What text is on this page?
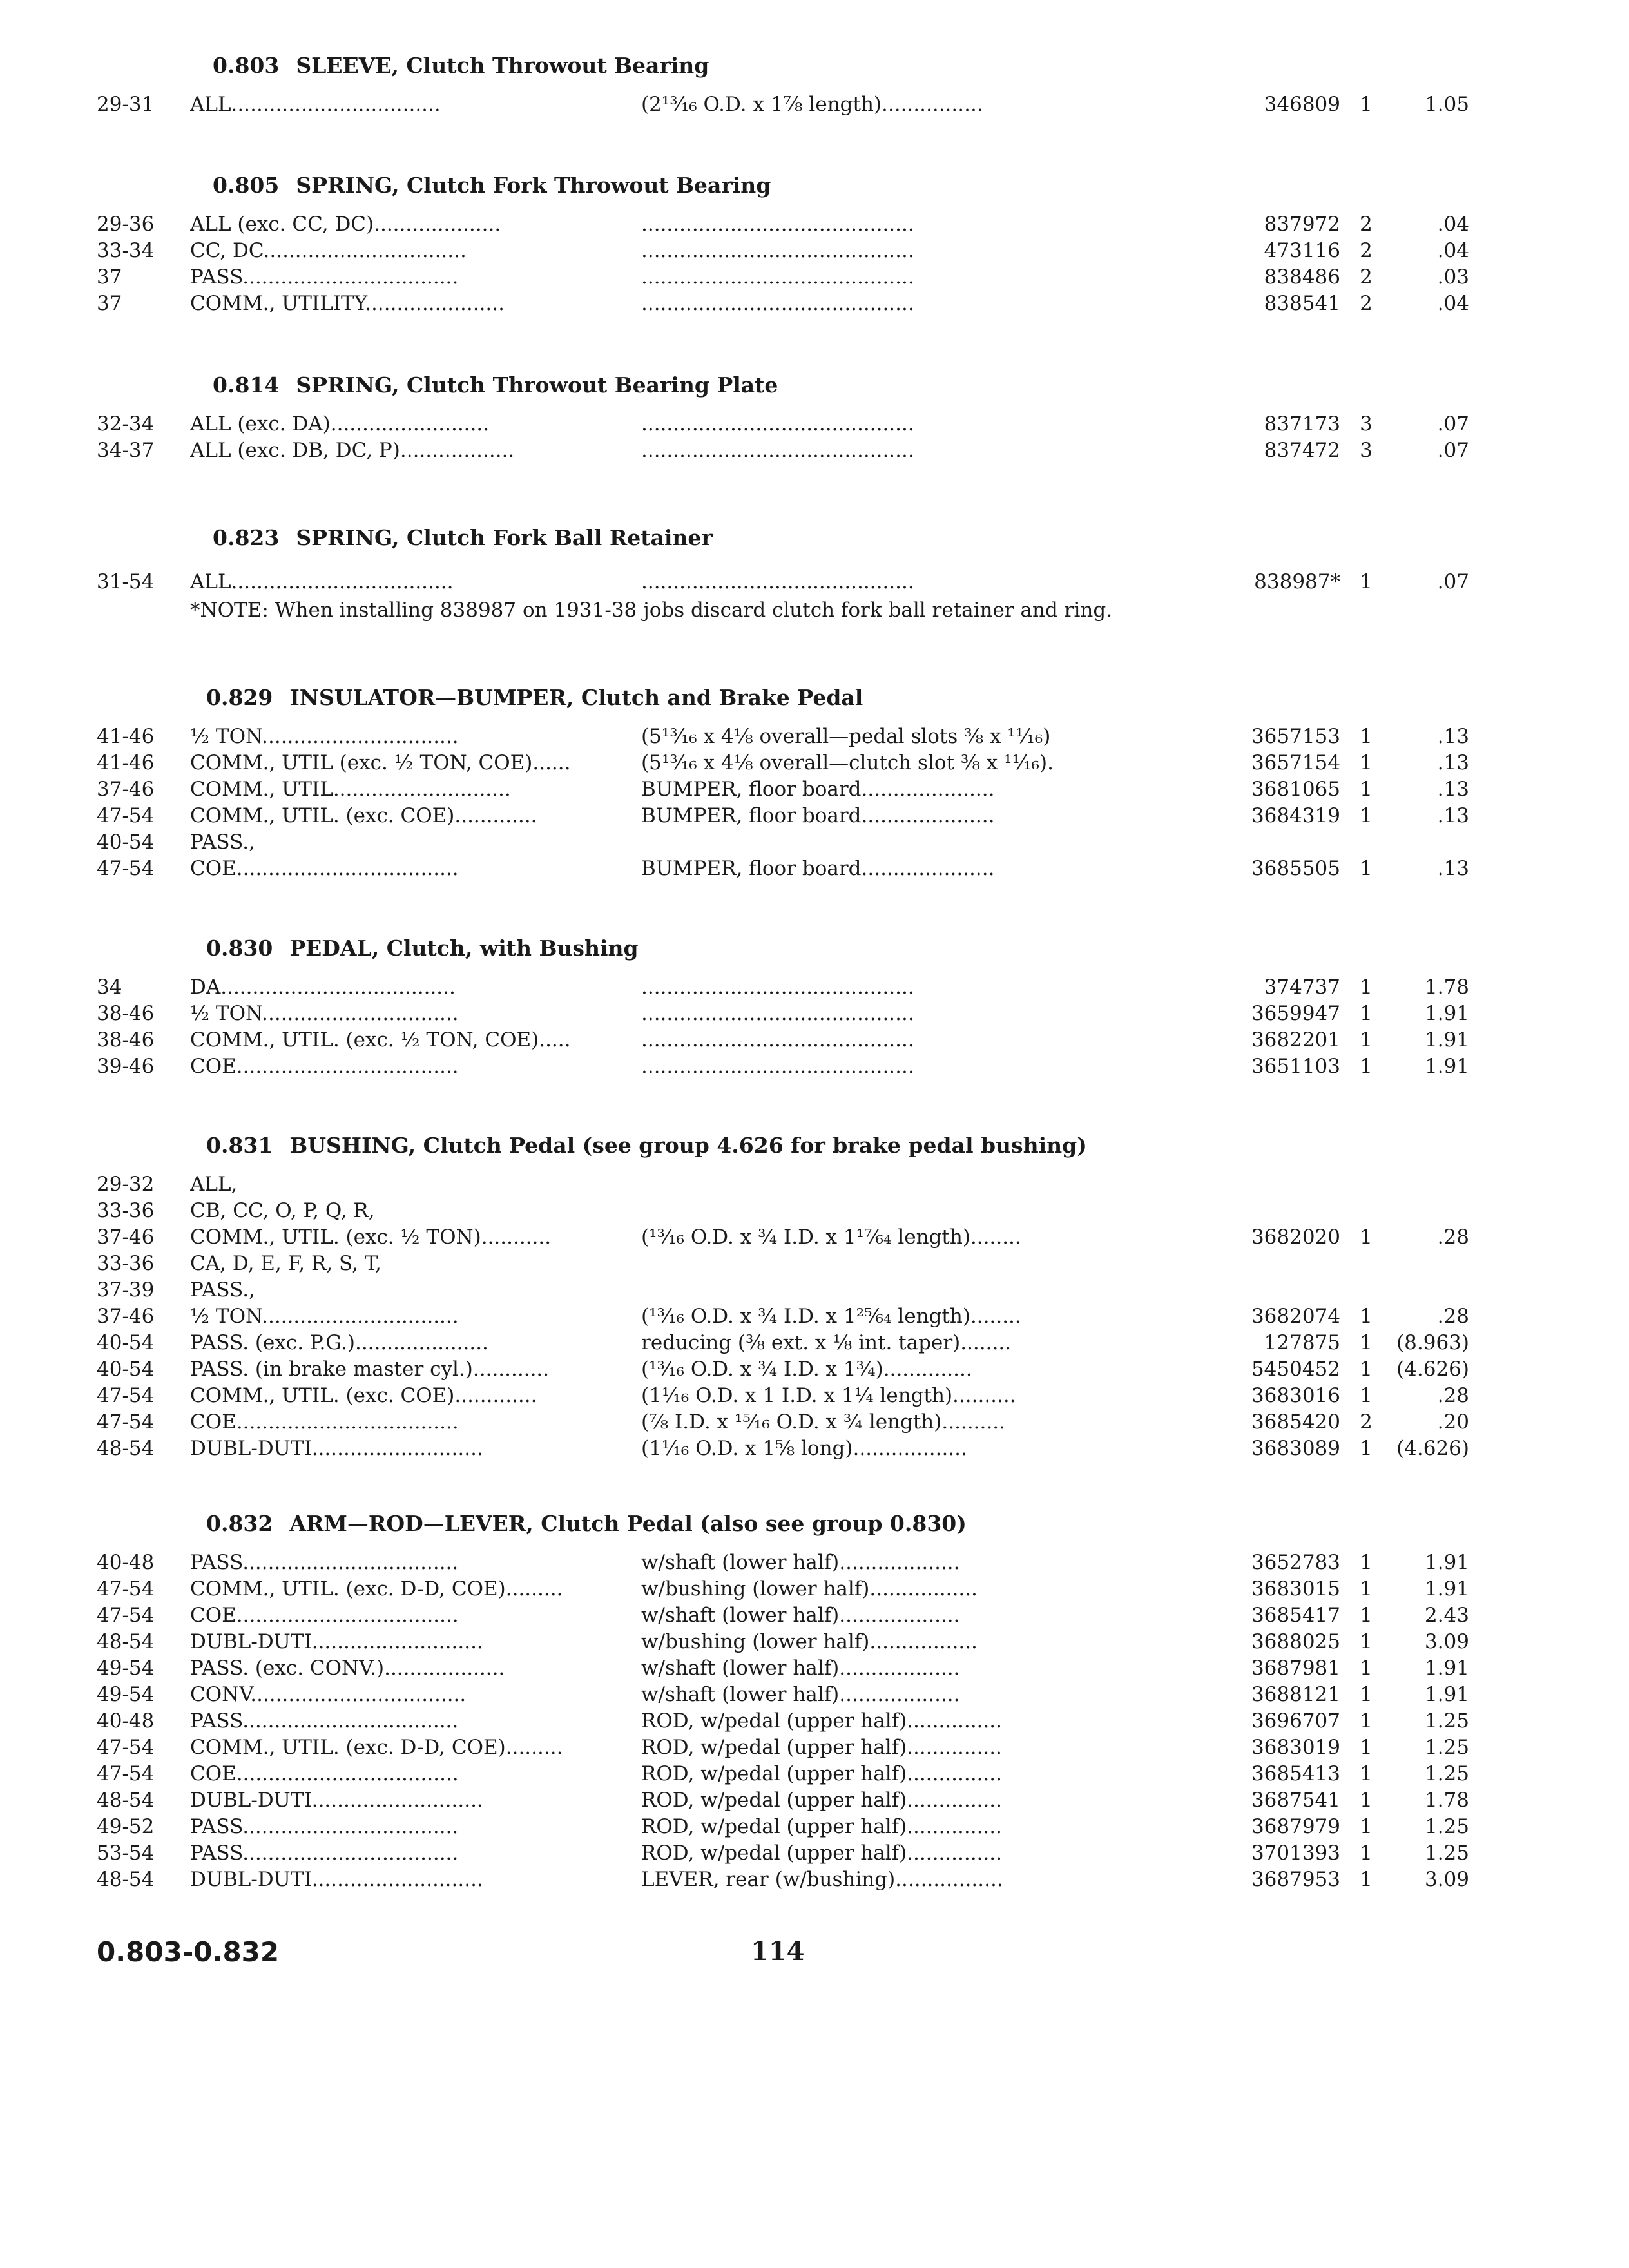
0.803 SLEEVE, Clutch Throwout Bearing
29-31	ALL.................................	(2¹³⁄₁₆ O.D. x 1⅞ length)................	346809 1	1.05
0.805 SPRING, Clutch Fork Throwout Bearing
29-36	ALL (exc. CC, DC)....................	...........................................	837972 2	.04
33-34	CC, DC................................	...........................................	473116 2	.04
37	PASS..................................	...........................................	838486 2	.03
37	COMM., UTILITY......................	...........................................	838541 2	.04
0.814 SPRING, Clutch Throwout Bearing Plate
32-34	ALL (exc. DA).........................	...........................................	837173 3	.07
34-37	ALL (exc. DB, DC, P)..................	...........................................	837472 3	.07
0.823 SPRING, Clutch Fork Ball Retainer
31-54	ALL...................................	...........................................	838987* 1	.07
*NOTE: When installing 838987 on 1931-38 jobs discard clutch fork ball retainer and ring.
0.829 INSULATOR—BUMPER, Clutch and Brake Pedal
41-46	½ TON...............................	(5¹³⁄₁₆ x 4⅛ overall—pedal slots ⅜ x ¹¹⁄₁₆)	3657153 1	.13
41-46	COMM., UTIL (exc. ½ TON, COE)......	(5¹³⁄₁₆ x 4⅛ overall—clutch slot ⅜ x ¹¹⁄₁₆).	3657154 1	.13
37-46	COMM., UTIL............................	BUMPER, floor board.....................	3681065 1	.13
47-54	COMM., UTIL. (exc. COE).............	BUMPER, floor board.....................	3684319 1	.13
40-54	PASS.,
47-54	COE...................................	BUMPER, floor board.....................	3685505 1	.13
0.830 PEDAL, Clutch, with Bushing
34	DA.....................................	...........................................	374737 1	1.78
38-46	½ TON...............................	...........................................	3659947 1	1.91
38-46	COMM., UTIL. (exc. ½ TON, COE).....	...........................................	3682201 1	1.91
39-46	COE...................................	...........................................	3651103 1	1.91
0.831 BUSHING, Clutch Pedal (see group 4.626 for brake pedal bushing)
29-32	ALL,
33-36	CB, CC, O, P, Q, R,
37-46	COMM., UTIL. (exc. ½ TON)...........	(¹³⁄₁₆ O.D. x ¾ I.D. x 1¹⁷⁄₆₄ length)........	3682020 1	.28
33-36	CA, D, E, F, R, S, T,
37-39	PASS.,
37-46	½ TON...............................	(¹³⁄₁₆ O.D. x ¾ I.D. x 1²⁵⁄₆₄ length)........	3682074 1	.28
40-54	PASS. (exc. P.G.).....................	reducing (⅜ ext. x ⅛ int. taper)........	127875 1	(8.963)
40-54	PASS. (in brake master cyl.)............	(¹³⁄₁₆ O.D. x ¾ I.D. x 1¾)..............	5450452 1	(4.626)
47-54	COMM., UTIL. (exc. COE).............	(1¹⁄₁₆ O.D. x 1 I.D. x 1¼ length)..........	3683016 1	.28
47-54	COE...................................	(⅞ I.D. x ¹⁵⁄₁₆ O.D. x ¾ length)..........	3685420 2	.20
48-54	DUBL-DUTI...........................	(1¹⁄₁₆ O.D. x 1⅝ long)..................	3683089 1	(4.626)
0.832 ARM—ROD—LEVER, Clutch Pedal (also see group 0.830)
40-48	PASS..................................	w/shaft (lower half)...................	3652783 1	1.91
47-54	COMM., UTIL. (exc. D-D, COE).........	w/bushing (lower half).................	3683015 1	1.91
47-54	COE...................................	w/shaft (lower half)...................	3685417 1	2.43
48-54	DUBL-DUTI...........................	w/bushing (lower half).................	3688025 1	3.09
49-54	PASS. (exc. CONV.)...................	w/shaft (lower half)...................	3687981 1	1.91
49-54	CONV..................................	w/shaft (lower half)...................	3688121 1	1.91
40-48	PASS..................................	ROD, w/pedal (upper half)...............	3696707 1	1.25
47-54	COMM., UTIL. (exc. D-D, COE).........	ROD, w/pedal (upper half)...............	3683019 1	1.25
47-54	COE...................................	ROD, w/pedal (upper half)...............	3685413 1	1.25
48-54	DUBL-DUTI...........................	ROD, w/pedal (upper half)...............	3687541 1	1.78
49-52	PASS..................................	ROD, w/pedal (upper half)...............	3687979 1	1.25
53-54	PASS..................................	ROD, w/pedal (upper half)...............	3701393 1	1.25
48-54	DUBL-DUTI...........................	LEVER, rear (w/bushing).................	3687953 1	3.09
0.803-0.832	114
